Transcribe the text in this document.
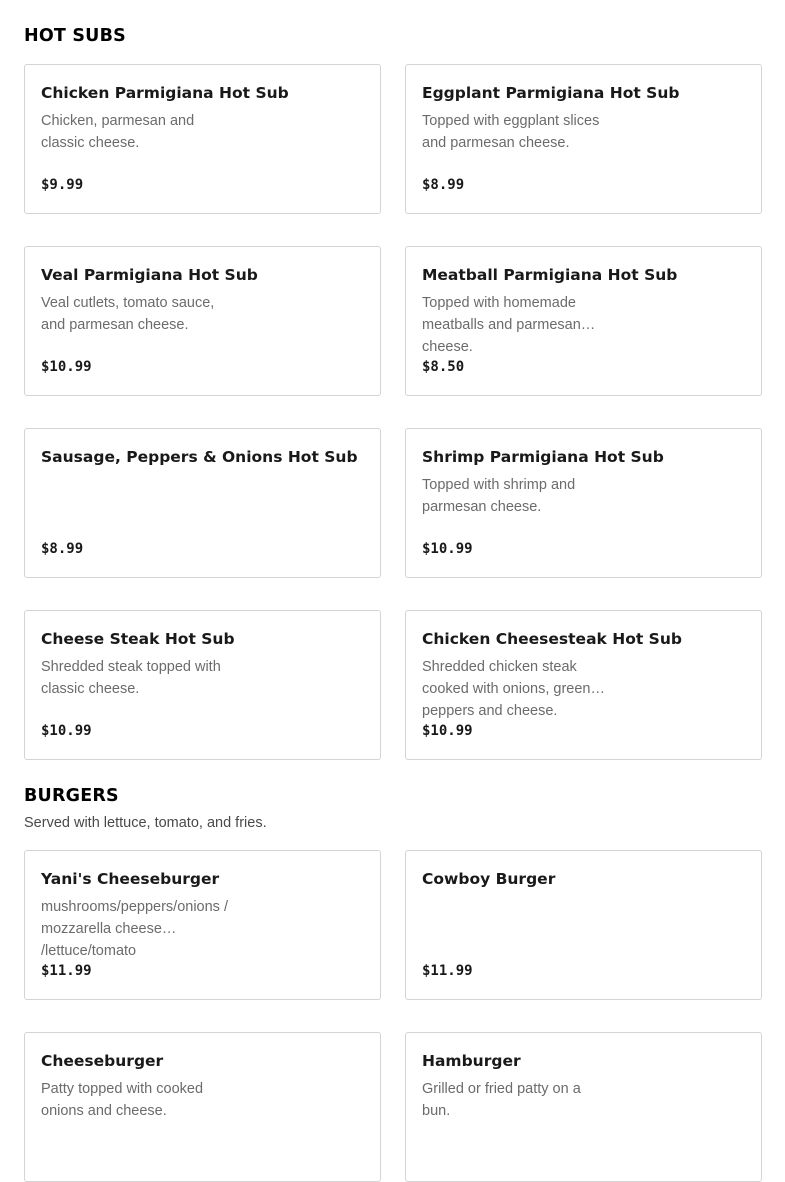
HOT SUBS
Chicken Parmigiana Hot Sub
Chicken, parmesan and classic cheese.
$9.99
Eggplant Parmigiana Hot Sub
Topped with eggplant slices and parmesan cheese.
$8.99
Veal Parmigiana Hot Sub
Veal cutlets, tomato sauce, and parmesan cheese.
$10.99
Meatball Parmigiana Hot Sub
Topped with homemade meatballs and parmesan cheese.
$8.50
Sausage, Peppers & Onions Hot Sub
$8.99
Shrimp Parmigiana Hot Sub
Topped with shrimp and parmesan cheese.
$10.99
Cheese Steak Hot Sub
Shredded steak topped with classic cheese.
$10.99
Chicken Cheesesteak Hot Sub
Shredded chicken steak cooked with onions, green peppers and cheese.
$10.99
BURGERS
Served with lettuce, tomato, and fries.
Yani's Cheeseburger
mushrooms/peppers/onions / mozzarella cheese /lettuce/tomato
$11.99
Cowboy Burger
$11.99
Cheeseburger
Patty topped with cooked onions and cheese.
Hamburger
Grilled or fried patty on a bun.
